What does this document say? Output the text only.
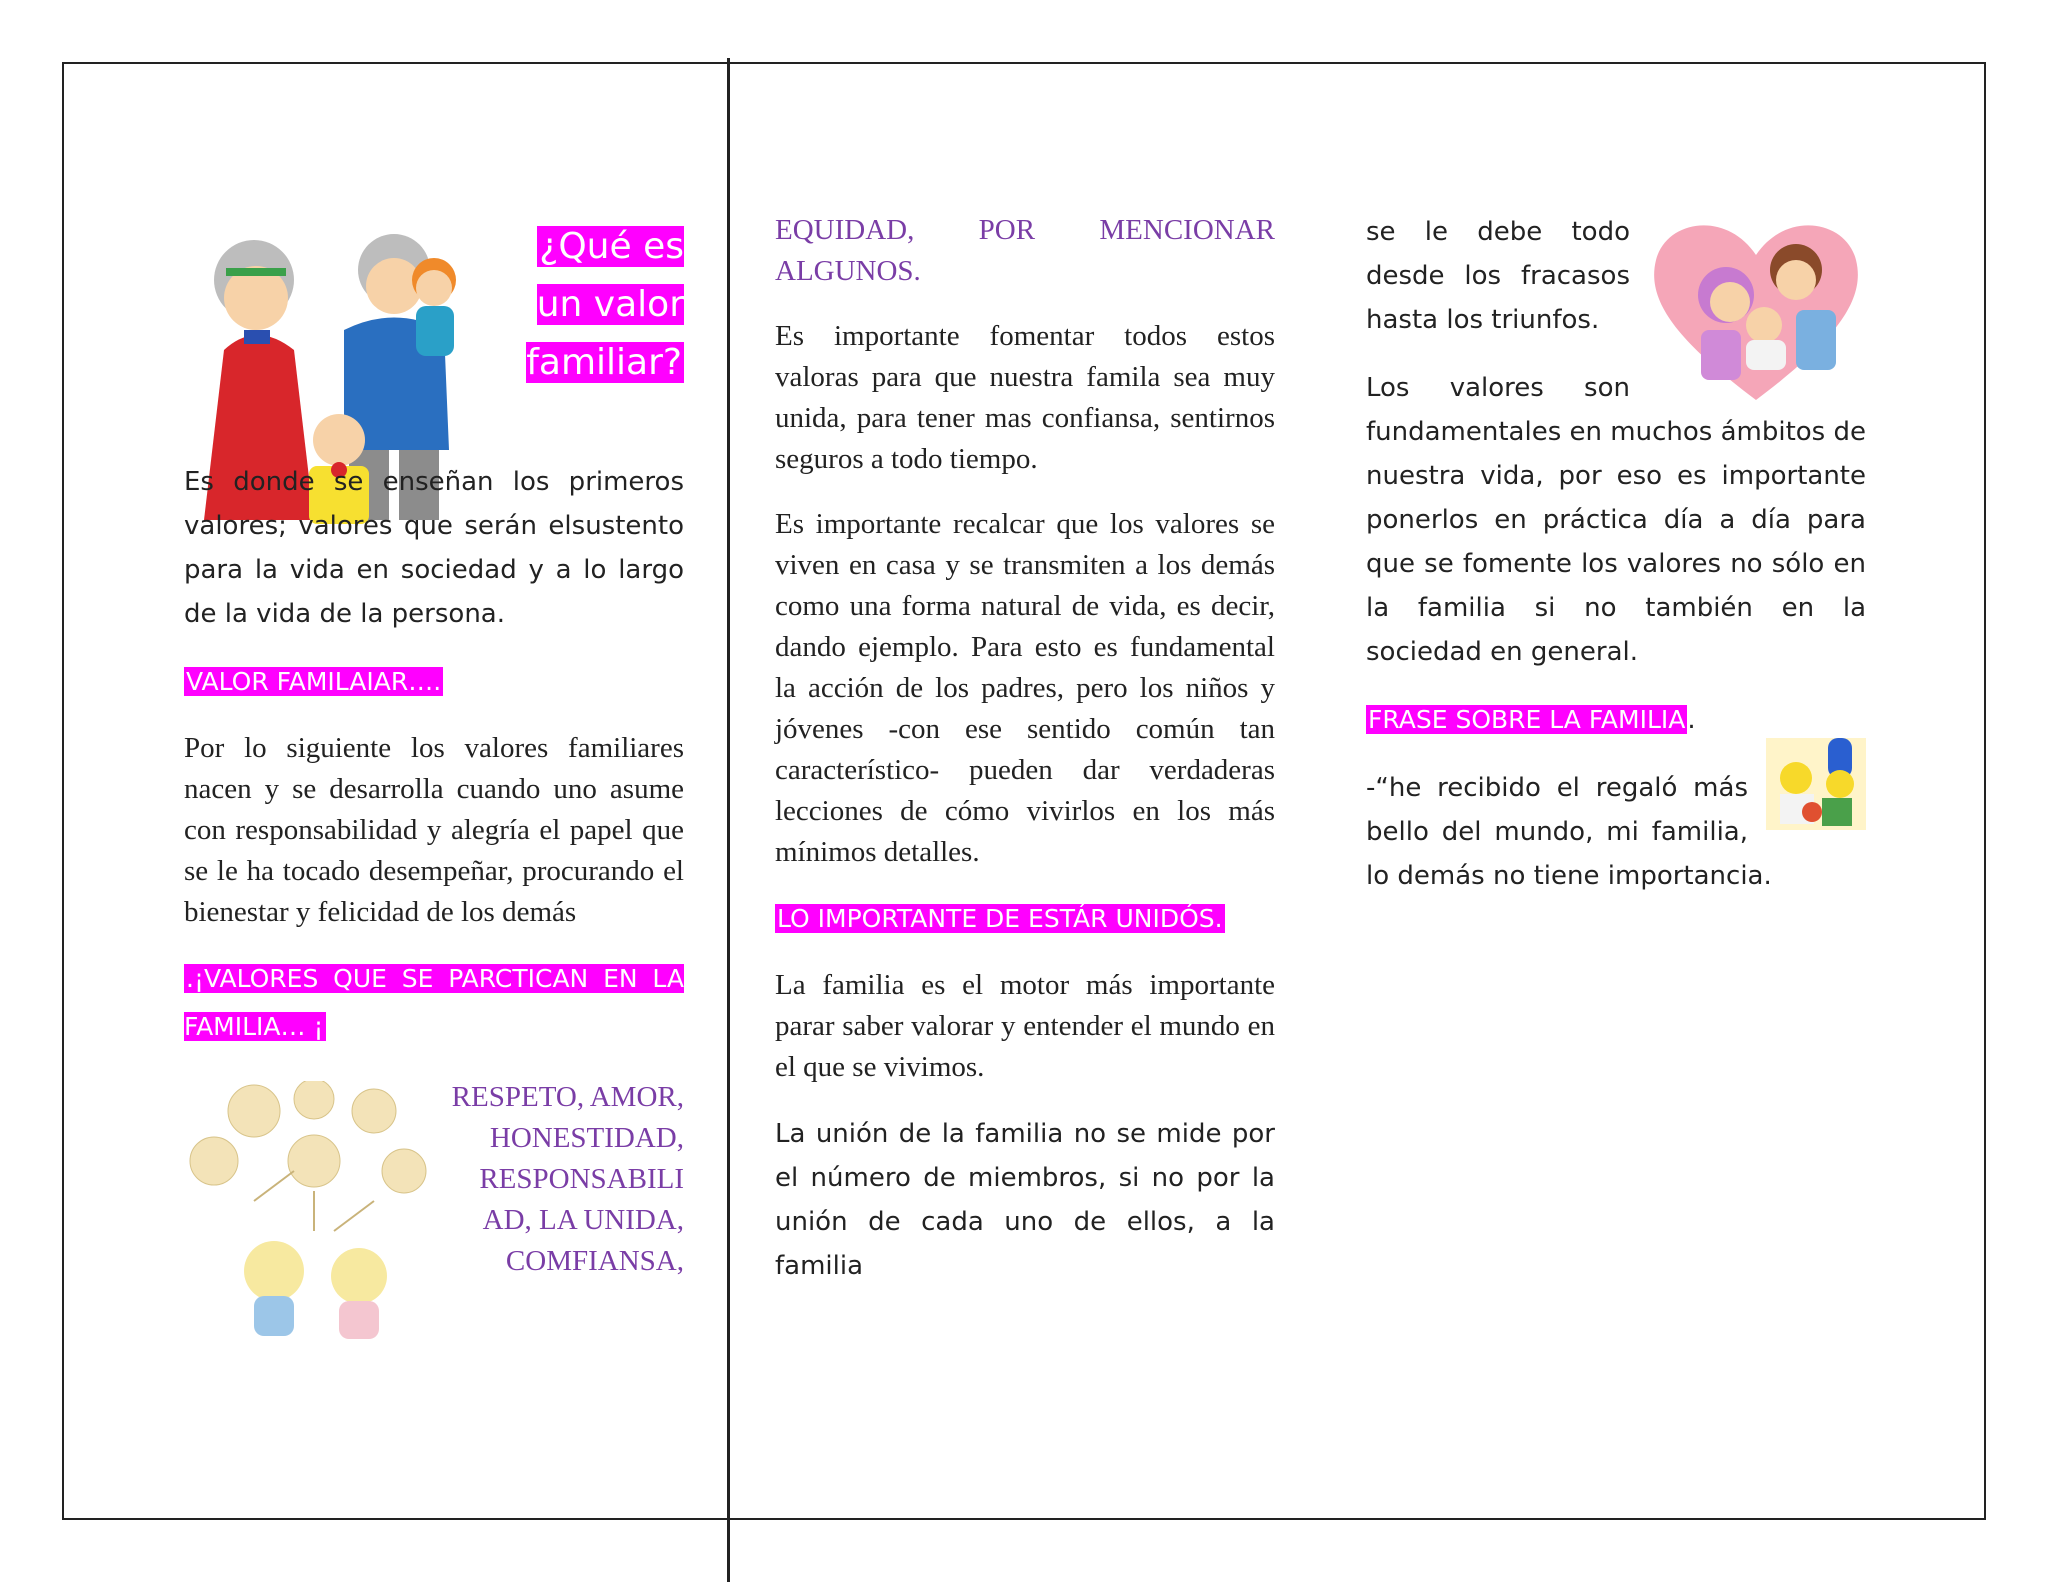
¿Qué es un valor familiar?

Es donde se enseñan los primeros valores; valores que serán elsustento para la vida en sociedad y a lo largo de la vida de la persona.

VALOR FAMILAIAR….

Por lo siguiente los valores familiares nacen y se desarrolla cuando uno asume con responsabilidad y alegría el papel que se le ha tocado desempeñar, procurando el bienestar y felicidad de los demás

.¡VALORES QUE SE PARCTICAN EN LA FAMILIA… ¡

RESPETO, AMOR, HONESTIDAD, RESPONSABILI AD, LA UNIDA, COMFIANSA,

EQUIDAD, POR MENCIONAR ALGUNOS.

Es importante fomentar todos estos valoras para que nuestra famila sea muy unida, para tener mas confiansa, sentirnos seguros a todo tiempo.

Es importante recalcar que los valores se viven en casa y se transmiten a los demás como una forma natural de vida, es decir, dando ejemplo. Para esto es fundamental la acción de los padres, pero los niños y jóvenes -con ese sentido común tan característico- pueden dar verdaderas lecciones de cómo vivirlos en los más mínimos detalles.

LO IMPORTANTE DE ESTÁR UNIDÓS.

La familia es el motor más importante parar saber valorar y entender el mundo en el que se vivimos.

La unión de la familia no se mide por el número de miembros, si no por la unión de cada uno de ellos, a la familia

se le debe todo desde los fracasos hasta los triunfos.

Los valores son fundamentales en muchos ámbitos de nuestra vida, por eso es importante ponerlos en práctica día a día para que se fomente los valores no sólo en la familia si no también en la sociedad en general.

FRASE SOBRE LA FAMILIA.

-“he recibido el regaló más bello del mundo, mi familia, lo demás no tiene importancia.
